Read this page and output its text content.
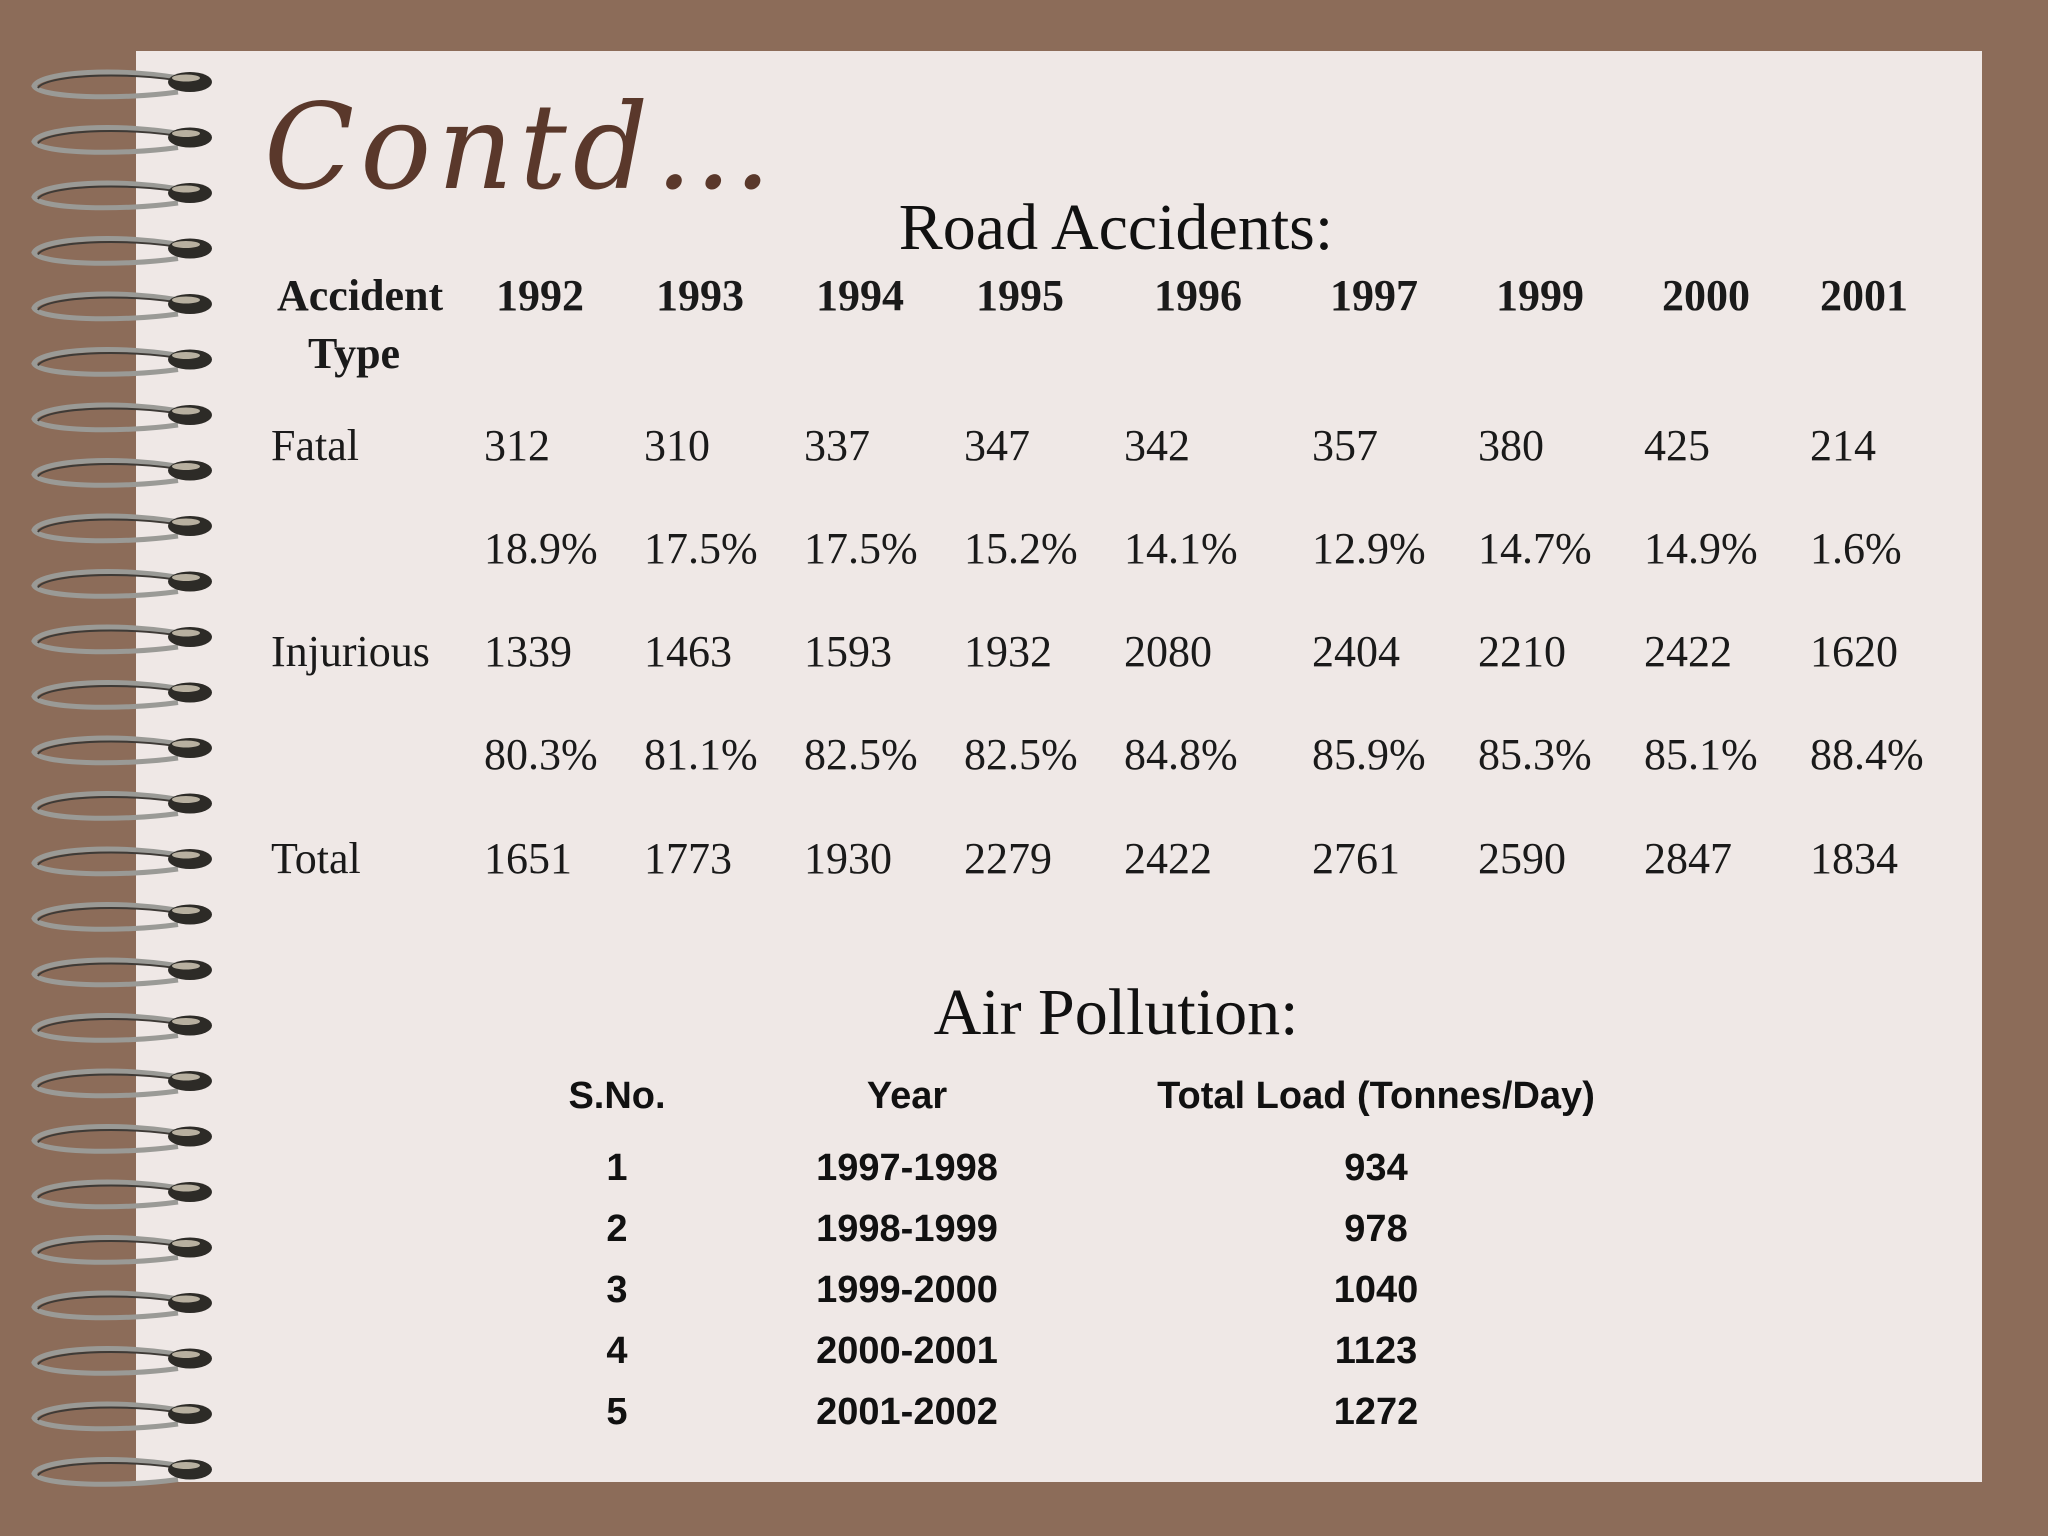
Contd…
Road Accidents:
Accident
Type
1992 1993 1994 1995 1996 1997 1999 2000 2001
Fatal	312 310 337 347 342	357 380 425 214
18.9% 17.5% 17.5% 15.2% 14.1% 12.9% 14.7% 14.9% 1.6%
Injurious 1339 1463 1593 1932 2080 2404 2210 2422 1620
80.3% 81.1% 82.5% 82.5% 84.8% 85.9% 85.3% 85.1% 88.4%
Total	1651 1773 1930 2279 2422 2761 2590 2847 1834
Air Pollution:
S.No.	Year	Total Load (Tonnes/Day)
1	1997-1998	934
2	1998-1999	978
3	1999-2000	1040
4	2000-2001	1123
5	2001-2002	1272
